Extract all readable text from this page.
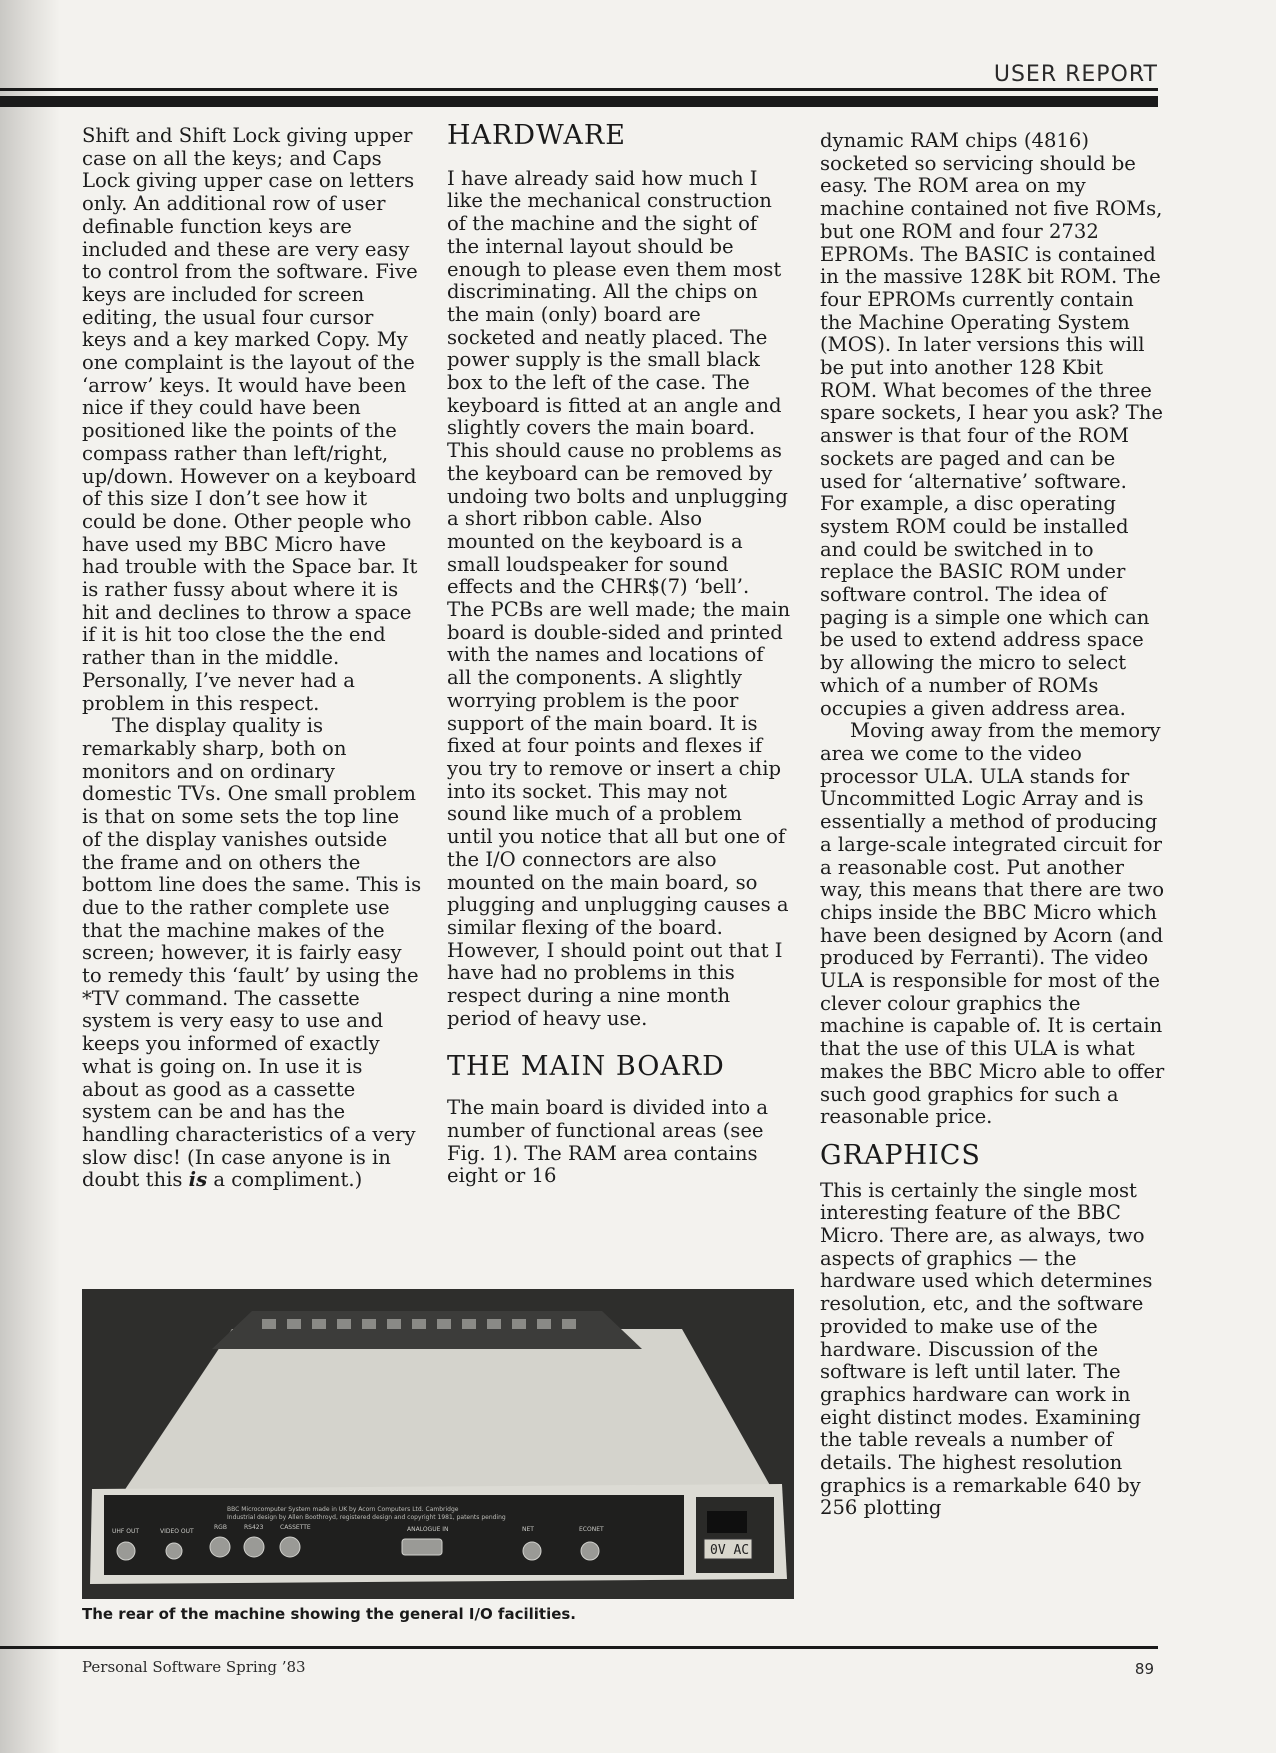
USER REPORT

Shift and Shift Lock giving upper case on all the keys; and Caps Lock giving upper case on letters only. An additional row of user definable function keys are included and these are very easy to control from the software. Five keys are included for screen editing, the usual four cursor keys and a key marked Copy. My one complaint is the layout of the ‘arrow’ keys. It would have been nice if they could have been positioned like the points of the compass rather than left/right, up/down. However on a keyboard of this size I don’t see how it could be done. Other people who have used my BBC Micro have had trouble with the Space bar. It is rather fussy about where it is hit and declines to throw a space if it is hit too close the the end rather than in the middle. Personally, I’ve never had a problem in this respect.

The display quality is remarkably sharp, both on monitors and on ordinary domestic TVs. One small problem is that on some sets the top line of the display vanishes outside the frame and on others the bottom line does the same. This is due to the rather complete use that the machine makes of the screen; however, it is fairly easy to remedy this ‘fault’ by using the *TV command. The cassette system is very easy to use and keeps you informed of exactly what is going on. In use it is about as good as a cassette system can be and has the handling characteristics of a very slow disc! (In case anyone is in doubt this is a compliment.)

HARDWARE

I have already said how much I like the mechanical construction of the machine and the sight of the internal layout should be enough to please even them most discriminating. All the chips on the main (only) board are socketed and neatly placed. The power supply is the small black box to the left of the case. The keyboard is fitted at an angle and slightly covers the main board. This should cause no problems as the keyboard can be removed by undoing two bolts and unplugging a short ribbon cable. Also mounted on the keyboard is a small loudspeaker for sound effects and the CHR$(7) ‘bell’. The PCBs are well made; the main board is double-sided and printed with the names and locations of all the components. A slightly worrying problem is the poor support of the main board. It is fixed at four points and flexes if you try to remove or insert a chip into its socket. This may not sound like much of a problem until you notice that all but one of the I/O connectors are also mounted on the main board, so plugging and unplugging causes a similar flexing of the board. However, I should point out that I have had no problems in this respect during a nine month period of heavy use.

THE MAIN BOARD

The main board is divided into a number of functional areas (see Fig. 1). The RAM area contains eight or 16

dynamic RAM chips (4816) socketed so servicing should be easy. The ROM area on my machine contained not five ROMs, but one ROM and four 2732 EPROMs. The BASIC is contained in the massive 128K bit ROM. The four EPROMs currently contain the Machine Operating System (MOS). In later versions this will be put into another 128 Kbit ROM. What becomes of the three spare sockets, I hear you ask? The answer is that four of the ROM sockets are paged and can be used for ‘alternative’ software. For example, a disc operating system ROM could be installed and could be switched in to replace the BASIC ROM under software control. The idea of paging is a simple one which can be used to extend address space by allowing the micro to select which of a number of ROMs occupies a given address area.

Moving away from the memory area we come to the video processor ULA. ULA stands for Uncommitted Logic Array and is essentially a method of producing a large-scale integrated circuit for a reasonable cost. Put another way, this means that there are two chips inside the BBC Micro which have been designed by Acorn (and produced by Ferranti). The video ULA is responsible for most of the clever colour graphics the machine is capable of. It is certain that the use of this ULA is what makes the BBC Micro able to offer such good graphics for such a reasonable price.

GRAPHICS

This is certainly the single most interesting feature of the BBC Micro. There are, as always, two aspects of graphics — the hardware used which determines resolution, etc, and the software provided to make use of the hardware. Discussion of the software is left until later. The graphics hardware can work in eight distinct modes. Examining the table reveals a number of details. The highest resolution graphics is a remarkable 640 by 256 plotting

0V AC
BBC Microcomputer System made in UK by Acorn Computers Ltd. Cambridge
Industrial design by Allen Boothroyd, registered design and copyright 1981, patents pending
UHF OUT	VIDEO OUT
RGB	RS423	CASSETTE	ANALOGUE IN	NET	ECONET
The rear of the machine showing the general I/O facilities.
Personal Software Spring ’83	89
